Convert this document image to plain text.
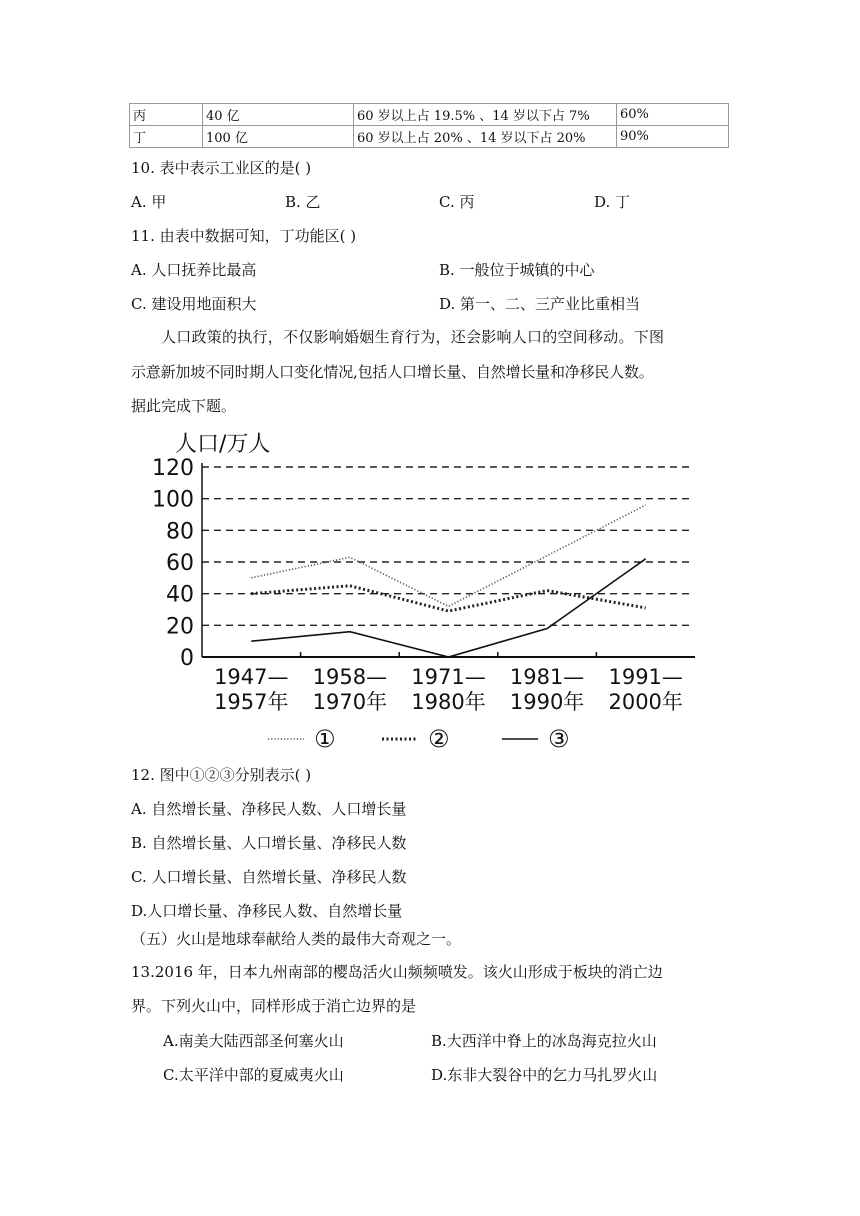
丙	40 亿	60 岁以上占 19.5% 、14 岁以下占 7%	60%
丁	100 亿	60 岁以上占 20% 、14 岁以下占 20%	90%
10. 表中表示工业区的是( )
A. 甲	B. 乙	C. 丙	D. 丁
11. 由表中数据可知，丁功能区( )
A. 人口抚养比最高	B. 一般位于城镇的中心
C. 建设用地面积大	D. 第一、二、三产业比重相当
人口政策的执行，不仅影响婚姻生育行为，还会影响人口的空间移动。下图
示意新加坡不同时期人口变化情况,包括人口增长量、自然增长量和净移民人数。
据此完成下题。
人口/万人
0
20
40
60
80
100
120
1947—
1957年
1958—
1970年
1971—
1980年
1981—
1990年
1991—
2000年
①	②	③
12. 图中①②③分别表示( )
A. 自然增长量、净移民人数、人口增长量
B. 自然增长量、人口增长量、净移民人数
C. 人口增长量、自然增长量、净移民人数
D.人口增长量、净移民人数、自然增长量
（五）火山是地球奉献给人类的最伟大奇观之一。
13.2016 年，日本九州南部的樱岛活火山频频喷发。该火山形成于板块的消亡边
界。下列火山中，同样形成于消亡边界的是
A.南美大陆西部圣何塞火山	B.大西洋中脊上的冰岛海克拉火山
C.太平洋中部的夏威夷火山	D.东非大裂谷中的乞力马扎罗火山
